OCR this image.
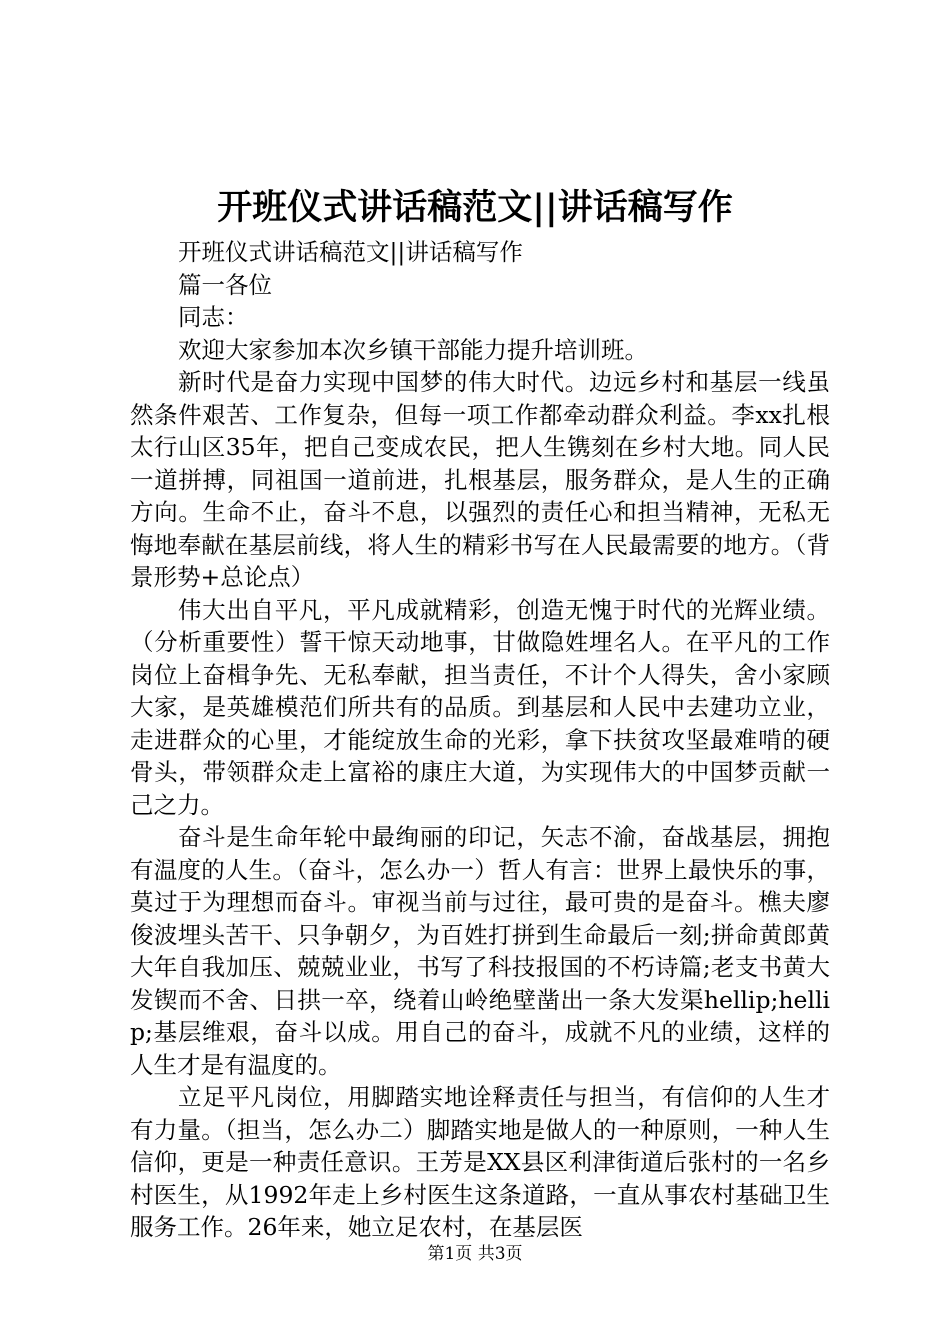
开班仪式讲话稿范文||讲话稿写作

开班仪式讲话稿范文||讲话稿写作

篇一各位

同志：

欢迎大家参加本次乡镇干部能力提升培训班。

新时代是奋力实现中国梦的伟大时代。边远乡村和基层一线虽然条件艰苦、工作复杂，但每一项工作都牵动群众利益。李xx扎根太行山区35年，把自己变成农民，把人生镌刻在乡村大地。同人民一道拼搏，同祖国一道前进，扎根基层，服务群众，是人生的正确方向。生命不止，奋斗不息，以强烈的责任心和担当精神，无私无悔地奉献在基层前线，将人生的精彩书写在人民最需要的地方。（背景形势+总论点）

伟大出自平凡，平凡成就精彩，创造无愧于时代的光辉业绩。（分析重要性）誓干惊天动地事，甘做隐姓埋名人。在平凡的工作岗位上奋楫争先、无私奉献，担当责任，不计个人得失，舍小家顾大家，是英雄模范们所共有的品质。到基层和人民中去建功立业，走进群众的心里，才能绽放生命的光彩，拿下扶贫攻坚最难啃的硬骨头，带领群众走上富裕的康庄大道，为实现伟大的中国梦贡献一己之力。

奋斗是生命年轮中最绚丽的印记，矢志不渝，奋战基层，拥抱有温度的人生。（奋斗，怎么办一）哲人有言：世界上最快乐的事，莫过于为理想而奋斗。审视当前与过往，最可贵的是奋斗。樵夫廖俊波埋头苦干、只争朝夕，为百姓打拼到生命最后一刻;拼命黄郎黄大年自我加压、兢兢业业，书写了科技报国的不朽诗篇;老支书黄大发锲而不舍、日拱一卒，绕着山岭绝壁凿出一条大发渠hellip;hellip;基层维艰，奋斗以成。用自己的奋斗，成就不凡的业绩，这样的人生才是有温度的。

立足平凡岗位，用脚踏实地诠释责任与担当，有信仰的人生才有力量。（担当，怎么办二）脚踏实地是做人的一种原则，一种人生信仰，更是一种责任意识。王芳是XX县区利津街道后张村的一名乡村医生，从1992年走上乡村医生这条道路，一直从事农村基础卫生服务工作。26年来，她立足农村，在基层医

第1页 共3页
